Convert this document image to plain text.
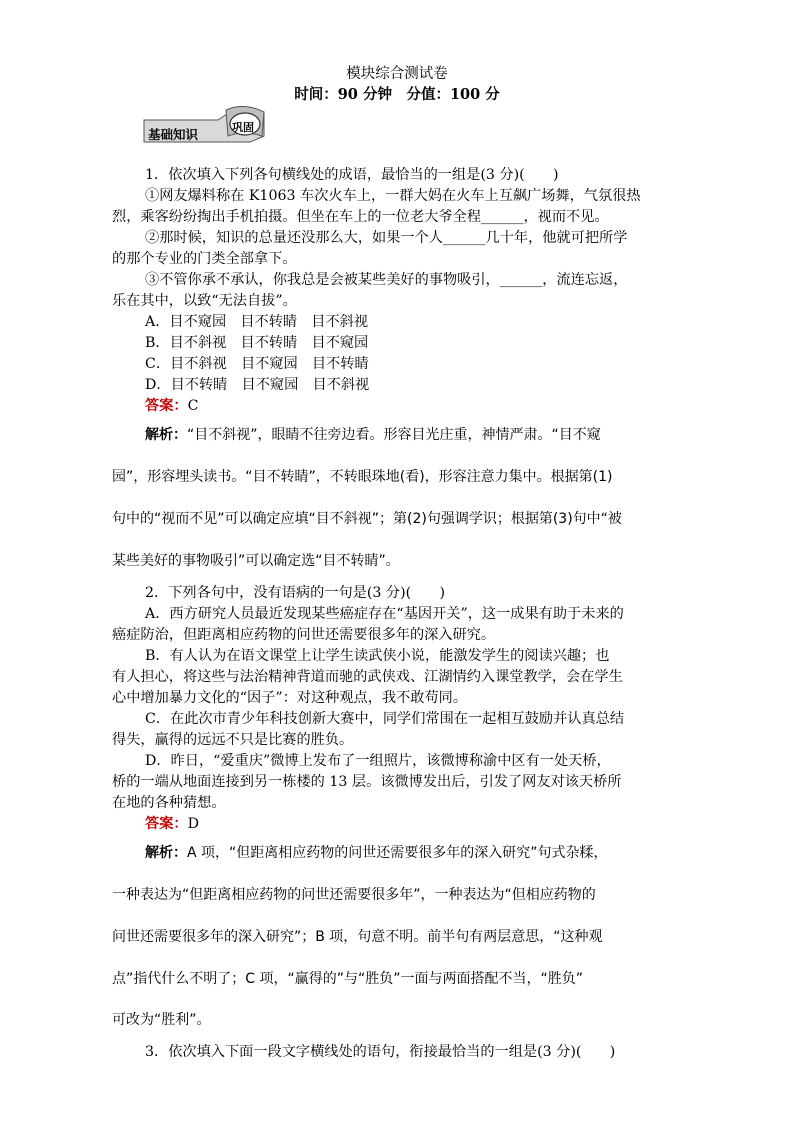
模块综合测试卷
时间：90 分钟　分值：100 分
基础知识	巩固
1．依次填入下列各句横线处的成语，最恰当的一组是(3 分)(　　)
①网友爆料称在 K1063 车次火车上，一群大妈在火车上互飙广场舞，气氛很热
烈，乘客纷纷掏出手机拍摄。但坐在车上的一位老大爷全程______，视而不见。
②那时候，知识的总量还没那么大，如果一个人______几十年，他就可把所学
的那个专业的门类全部拿下。
③不管你承不承认，你我总是会被某些美好的事物吸引，______，流连忘返，
乐在其中，以致“无法自拔”。
A．目不窥园　目不转睛　目不斜视
B．目不斜视　目不转睛　目不窥园
C．目不斜视　目不窥园　目不转睛
D．目不转睛　目不窥园　目不斜视
答案：C
解析：“目不斜视”，眼睛不往旁边看。形容目光庄重，神情严肃。“目不窥
园”，形容埋头读书。“目不转睛”，不转眼珠地(看)，形容注意力集中。根据第(1)
句中的“视而不见”可以确定应填“目不斜视”；第(2)句强调学识；根据第(3)句中“被
某些美好的事物吸引”可以确定选“目不转睛”。
2．下列各句中，没有语病的一句是(3 分)(　　)
A．西方研究人员最近发现某些癌症存在“基因开关”，这一成果有助于未来的
癌症防治，但距离相应药物的问世还需要很多年的深入研究。
B．有人认为在语文课堂上让学生读武侠小说，能激发学生的阅读兴趣；也
有人担心，将这些与法治精神背道而驰的武侠戏、江湖情约入课堂教学，会在学生
心中增加暴力文化的“因子”：对这种观点，我不敢苟同。
C．在此次市青少年科技创新大赛中，同学们常围在一起相互鼓励并认真总结
得失，赢得的远远不只是比赛的胜负。
D．昨日，“爱重庆”微博上发布了一组照片，该微博称渝中区有一处天桥，
桥的一端从地面连接到另一栋楼的 13 层。该微博发出后，引发了网友对该天桥所
在地的各种猜想。
答案：D
解析：A 项，“但距离相应药物的问世还需要很多年的深入研究”句式杂糅，
一种表达为“但距离相应药物的问世还需要很多年”，一种表达为“但相应药物的
问世还需要很多年的深入研究”；B 项，句意不明。前半句有两层意思，“这种观
点”指代什么不明了；C 项，“赢得的”与“胜负”一面与两面搭配不当，“胜负”
可改为“胜利”。
3．依次填入下面一段文字横线处的语句，衔接最恰当的一组是(3 分)(　　)
